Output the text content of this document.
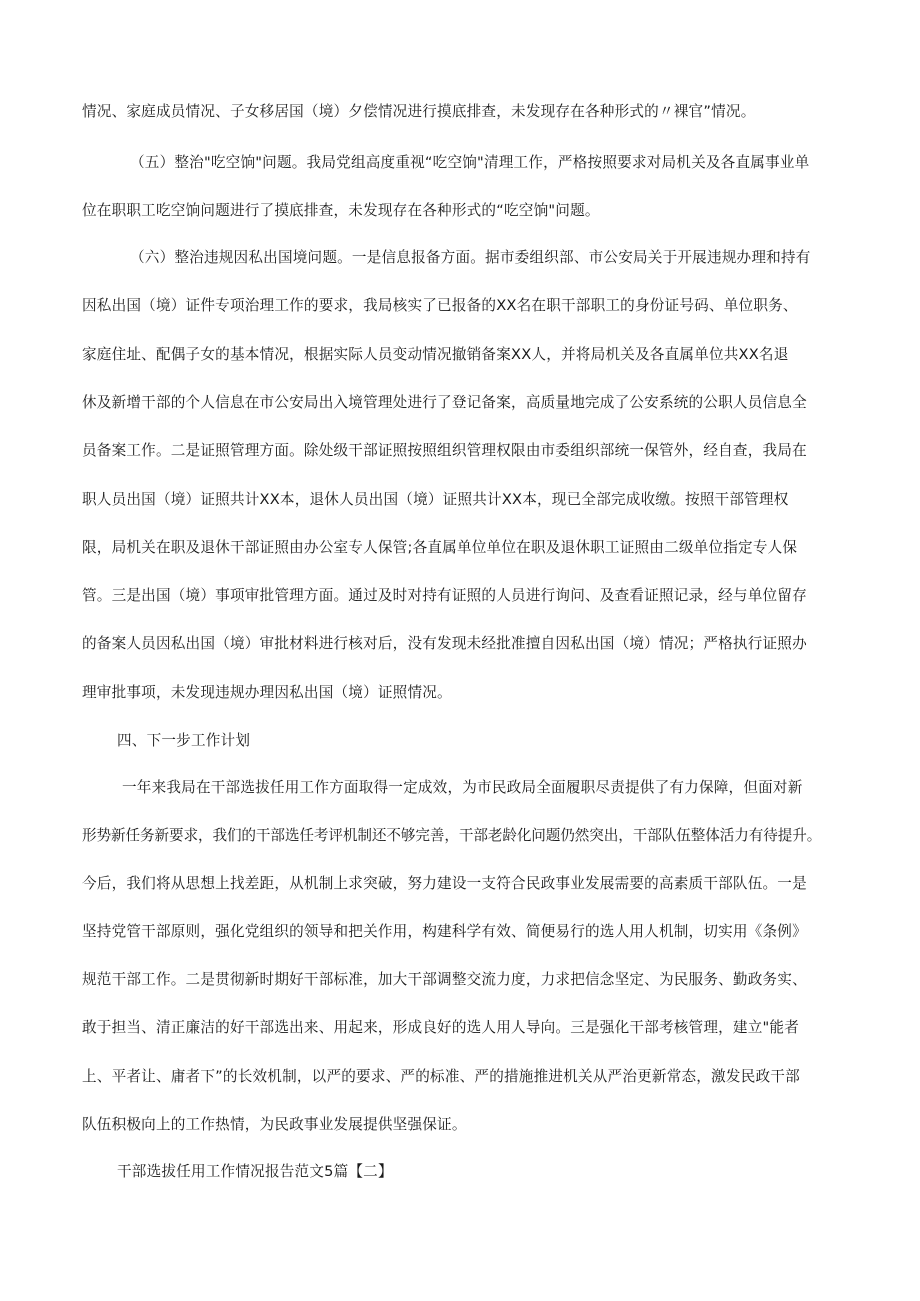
情况、家庭成员情况、子女移居国（境）夕偿情况进行摸底排查，未发现存在各种形式的〃裸官”情况。
（五）整治"吃空饷"问题。我局党组高度重视“吃空饷"清理工作，严格按照要求对局机关及各直属事业单
位在职职工吃空饷问题进行了摸底排查，未发现存在各种形式的“吃空饷"问题。
（六）整治违规因私出国境问题。一是信息报备方面。据市委组织部、市公安局关于开展违规办理和持有
因私出国（境）证件专项治理工作的要求，我局核实了已报备的XX名在职干部职工的身份证号码、单位职务、
家庭住址、配偶子女的基本情况，根据实际人员变动情况撤销备案XX人，并将局机关及各直属单位共XX名退
休及新增干部的个人信息在市公安局出入境管理处进行了登记备案，高质量地完成了公安系统的公职人员信息全
员备案工作。二是证照管理方面。除处级干部证照按照组织管理权限由市委组织部统一保管外，经自查，我局在
职人员出国（境）证照共计XX本，退休人员出国（境）证照共计XX本，现已全部完成收缴。按照干部管理权
限，局机关在职及退休干部证照由办公室专人保管;各直属单位单位在职及退休职工证照由二级单位指定专人保
管。三是出国（境）事项审批管理方面。通过及时对持有证照的人员进行询问、及查看证照记录，经与单位留存
的备案人员因私出国（境）审批材料进行核对后，没有发现未经批准擅自因私出国（境）情况；严格执行证照办
理审批事项，未发现违规办理因私出国（境）证照情况。
四、下一步工作计划
一年来我局在干部选拔任用工作方面取得一定成效，为市民政局全面履职尽责提供了有力保障，但面对新
形势新任务新要求，我们的干部选任考评机制还不够完善，干部老龄化问题仍然突出，干部队伍整体活力有待提升。
今后，我们将从思想上找差距，从机制上求突破，努力建设一支符合民政事业发展需要的高素质干部队伍。一是
坚持党管干部原则，强化党组织的领导和把关作用，构建科学有效、简便易行的选人用人机制，切实用《条例》
规范干部工作。二是贯彻新时期好干部标准，加大干部调整交流力度，力求把信念坚定、为民服务、勤政务实、
敢于担当、清正廉洁的好干部选出来、用起来，形成良好的选人用人导向。三是强化干部考核管理，建立"能者
上、平者让、庸者下”的长效机制，以严的要求、严的标准、严的措施推进机关从严治更新常态，激发民政干部
队伍积极向上的工作热情，为民政事业发展提供坚强保证。
干部选拔任用工作情况报告范文5篇【二】
